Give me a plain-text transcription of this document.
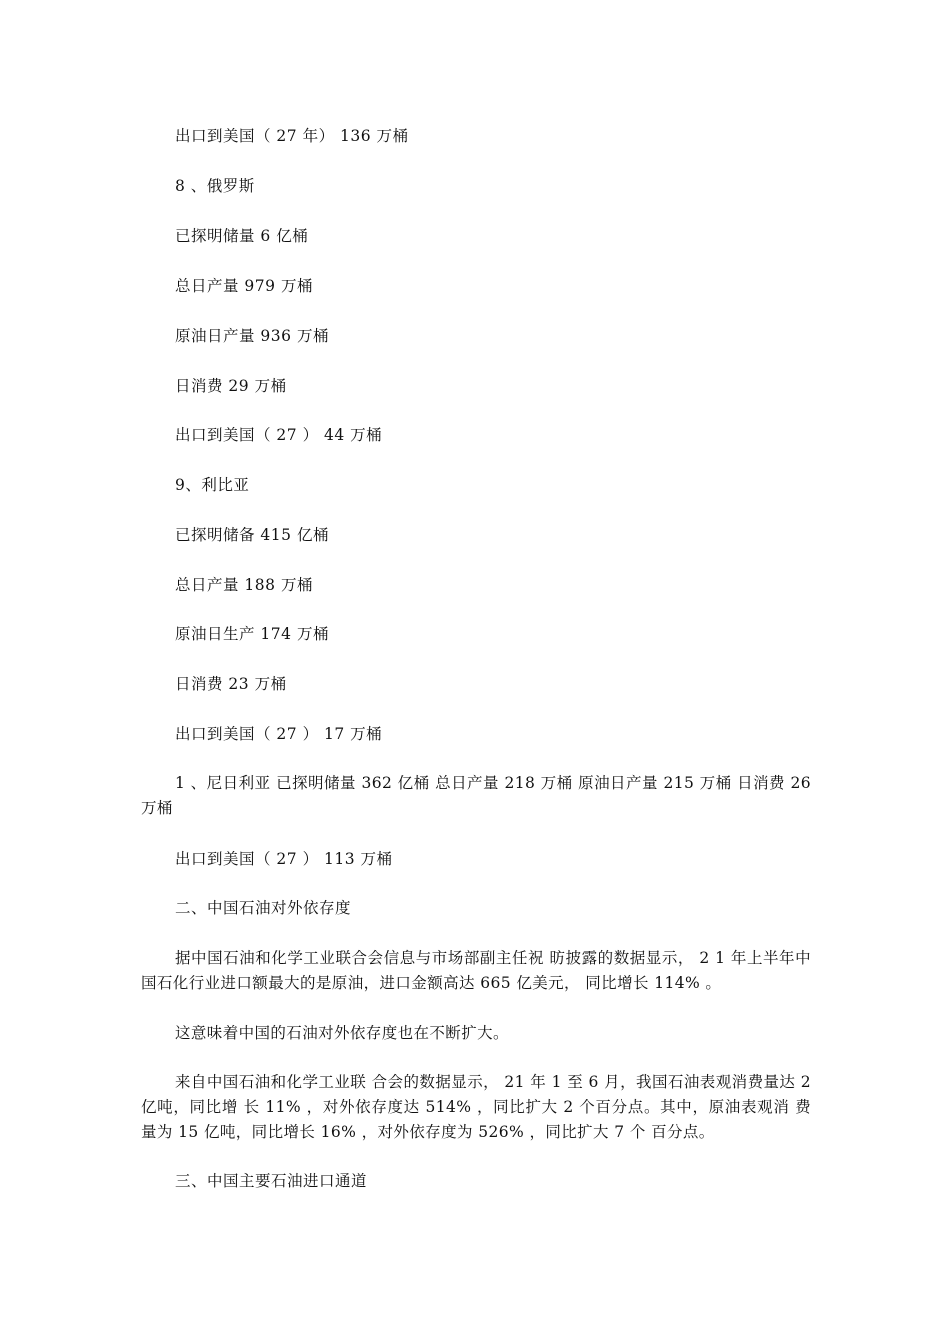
出口到美国（ 27 年） 136 万桶
8 、俄罗斯
已探明储量 6 亿桶
总日产量 979 万桶
原油日产量 936 万桶
日消费 29 万桶
出口到美国（ 27 ） 44 万桶
9、利比亚
已探明储备 415 亿桶
总日产量 188 万桶
原油日生产 174 万桶
日消费 23 万桶
出口到美国（ 27 ） 17 万桶
1 、尼日利亚 已探明储量 362 亿桶 总日产量 218 万桶 原油日产量 215 万桶 日消费 26 万桶
出口到美国（ 27 ） 113 万桶
二、中国石油对外依存度
据中国石油和化学工业联合会信息与市场部副主任祝 昉披露的数据显示， 2 1 年上半年中国石化行业进口额最大的是原油，进口金额高达 665 亿美元， 同比增长 114% 。
这意味着中国的石油对外依存度也在不断扩大。
来自中国石油和化学工业联 合会的数据显示， 21 年 1 至 6 月，我国石油表观消费量达 2 亿吨，同比增 长 11% ，对外依存度达 514% ，同比扩大 2 个百分点。其中，原油表观消 费量为 15 亿吨，同比增长 16% ，对外依存度为 526% ，同比扩大 7 个 百分点。
三、中国主要石油进口通道
